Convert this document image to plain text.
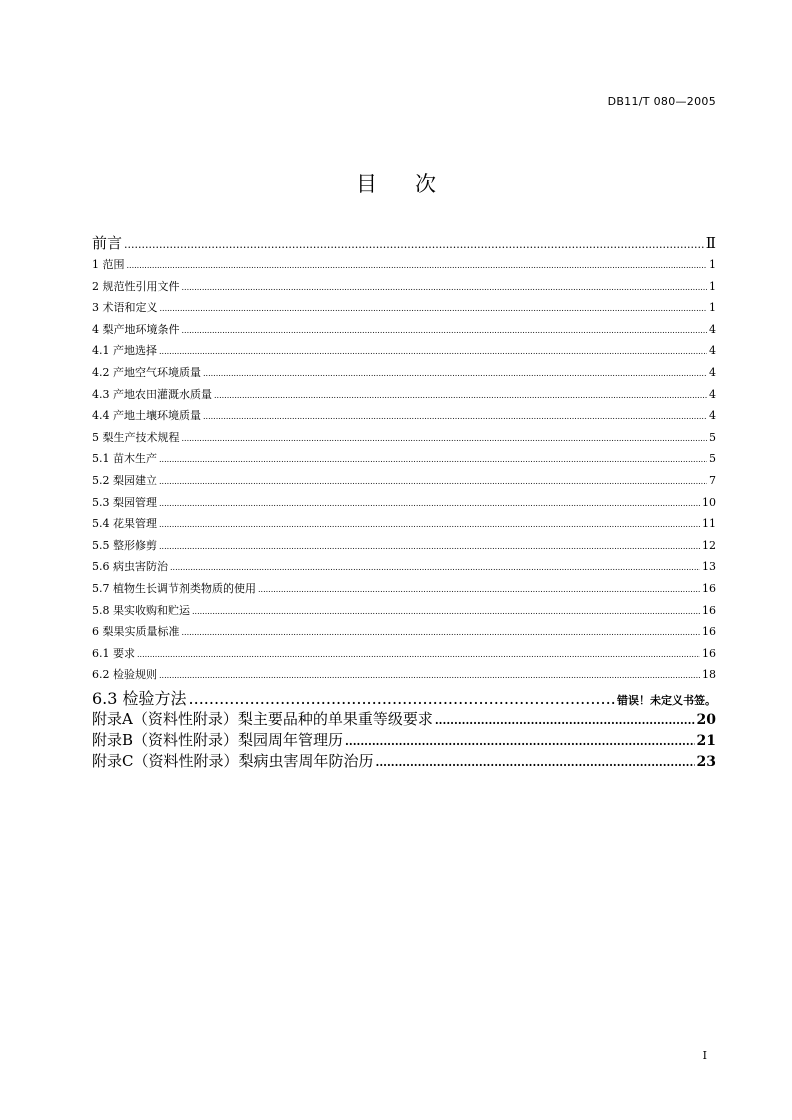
DB11/T 080—2005
目 次
前言 .....	Ⅱ
1 范围 .....	1
2 规范性引用文件 .....	1
3 术语和定义 .....	1
4 梨产地环境条件 .....	4
4.1 产地选择 .....	4
4.2 产地空气环境质量 .....	4
4.3 产地农田灌溉水质量 .....	4
4.4 产地土壤环境质量 .....	4
5 梨生产技术规程 .....	5
5.1 苗木生产 .....	5
5.2 梨园建立 .....	7
5.3 梨园管理 .....	10
5.4 花果管理 .....	11
5.5 整形修剪 .....	12
5.6 病虫害防治 .....	13
5.7 植物生长调节剂类物质的使用 .....	16
5.8 果实收购和贮运 .....	16
6 梨果实质量标准 .....	16
6.1 要求 .....	16
6.2 检验规则 .....	18
6.3 检验方法 .....	错误！未定义书签。
附录A（资料性附录）梨主要品种的单果重等级要求 .....	20
附录B（资料性附录）梨园周年管理历 .....	21
附录C（资料性附录）梨病虫害周年防治历 .....	23
I
